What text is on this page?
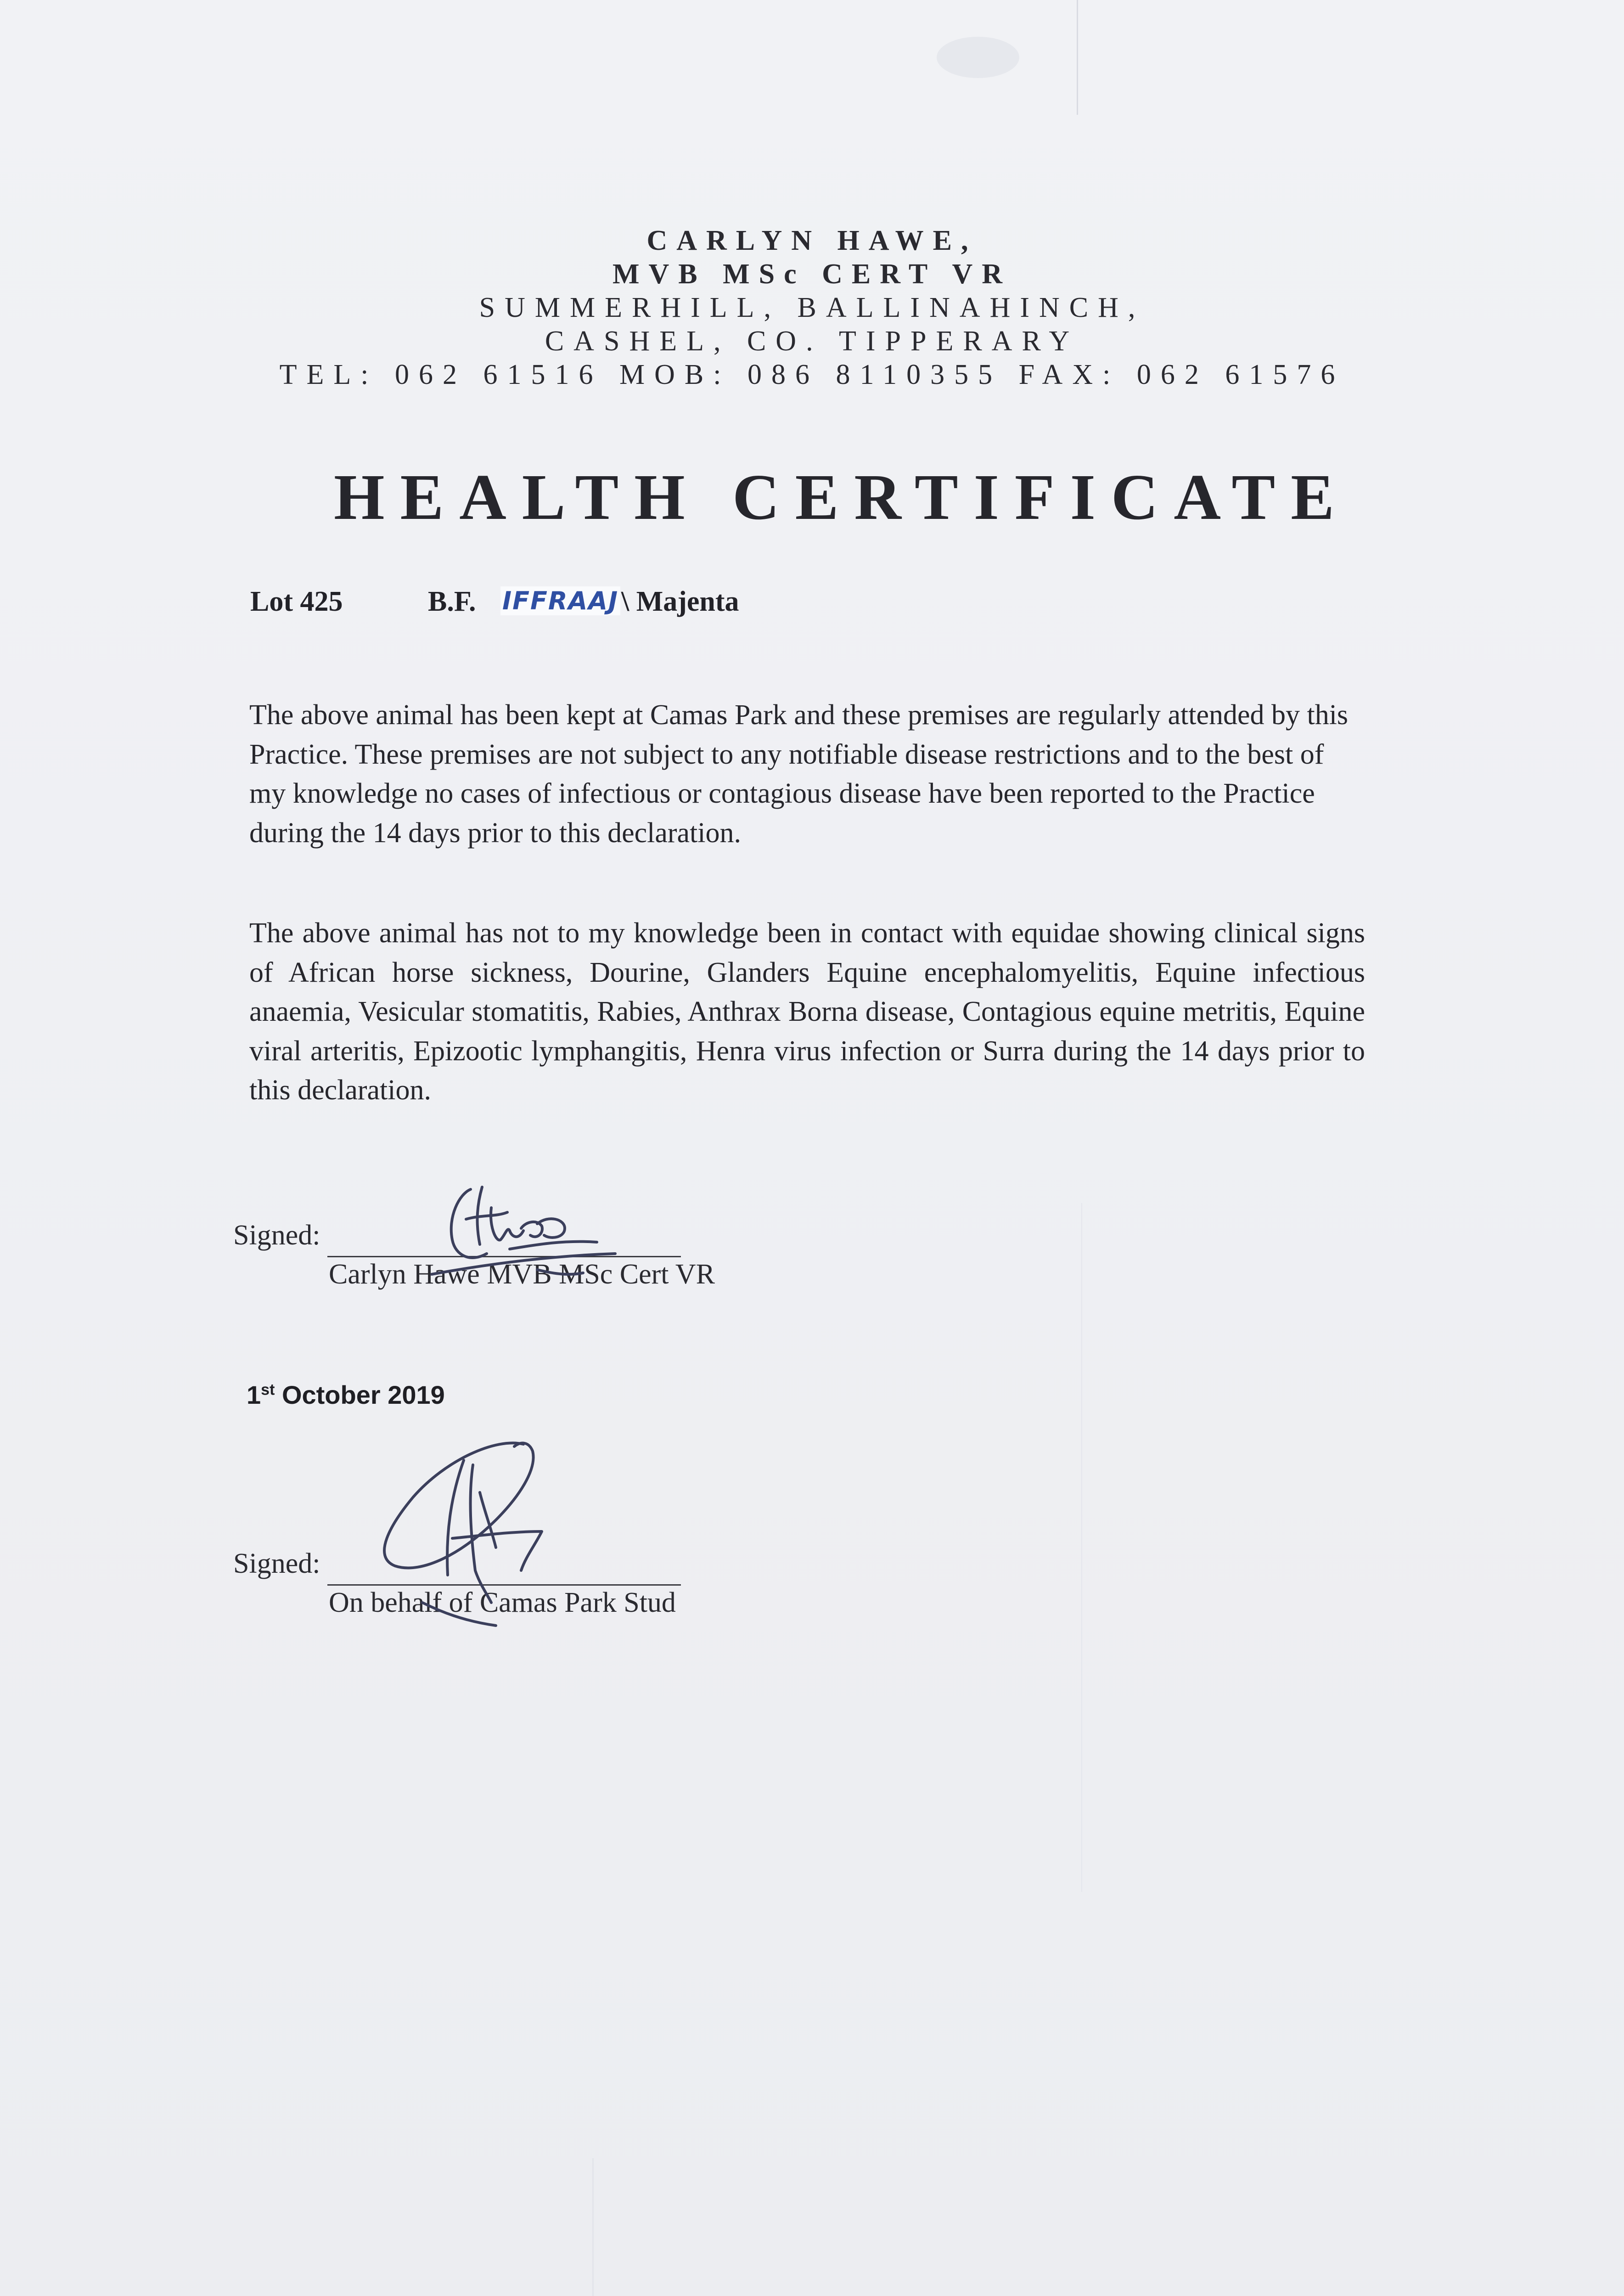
CARLYN HAWE,
MVB MSc CERT VR
SUMMERHILL, BALLINAHINCH,
CASHEL, CO. TIPPERARY
TEL: 062 61516 MOB: 086 8110355 FAX: 062 61576
HEALTH CERTIFICATE
Lot 425	B.F. IFFRAAJ \ Majenta
The above animal has been kept at Camas Park and these premises are regularly attended by this Practice. These premises are not subject to any notifiable disease restrictions and to the best of my knowledge no cases of infectious or contagious disease have been reported to the Practice during the 14 days prior to this declaration.
The above animal has not to my knowledge been in contact with equidae showing clinical signs of African horse sickness, Dourine, Glanders Equine encephalomyelitis, Equine infectious anaemia, Vesicular stomatitis, Rabies, Anthrax Borna disease, Contagious equine metritis, Equine viral arteritis, Epizootic lymphangitis, Henra virus infection or Surra during the 14 days prior to this declaration.
Signed:
Carlyn Hawe MVB MSc Cert VR
1st October 2019
Signed:
On behalf of Camas Park Stud
